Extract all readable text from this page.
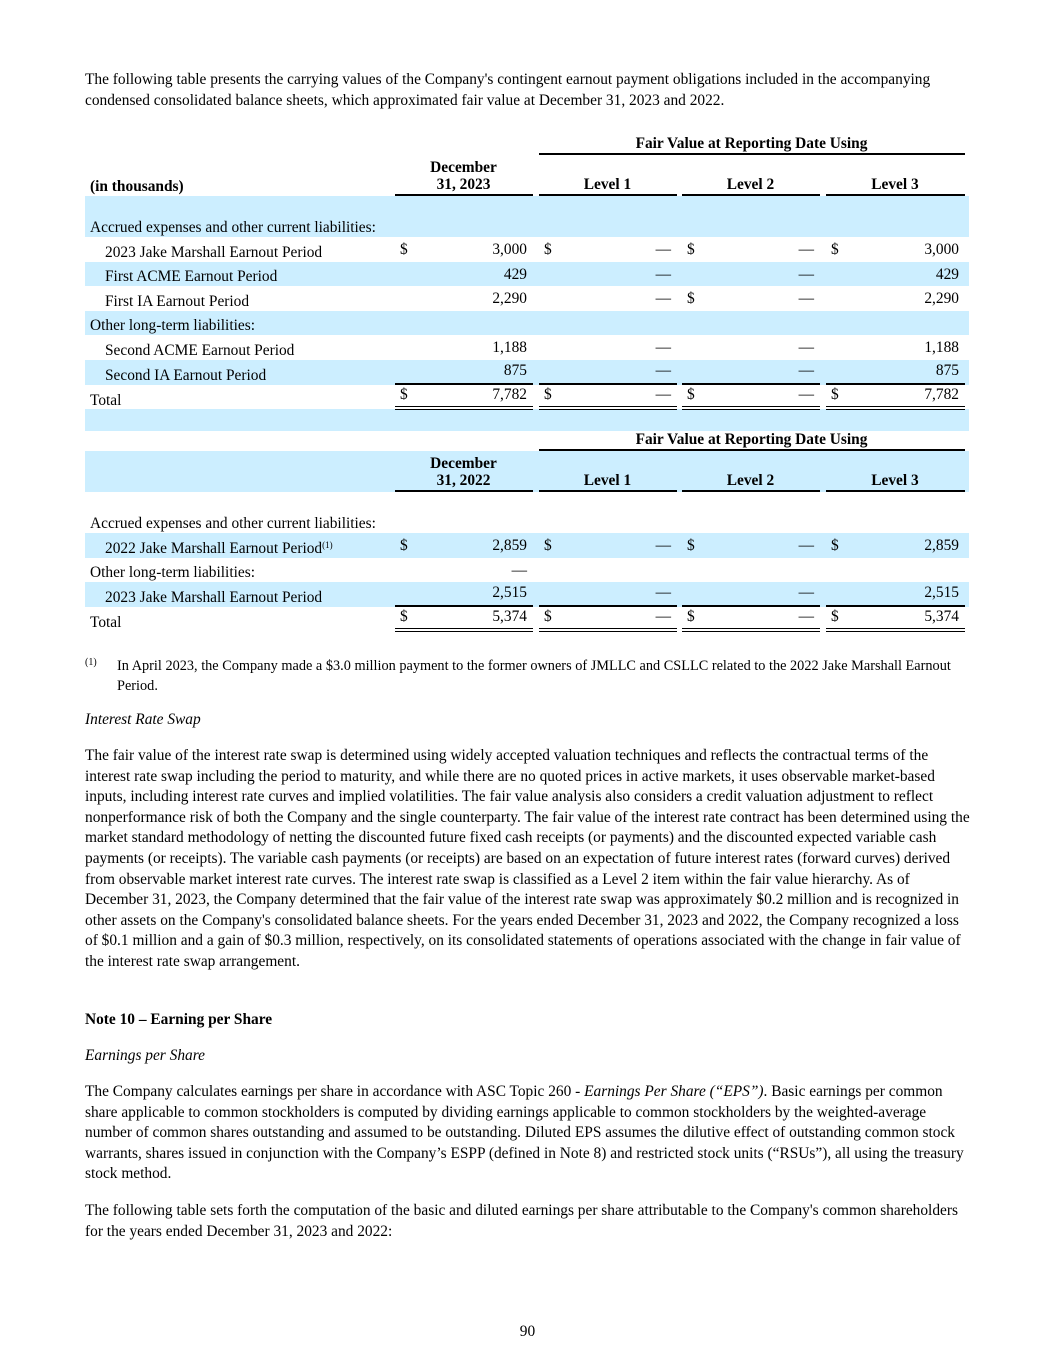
The following table presents the carrying values of the Company's contingent earnout payment obligations included in the accompanying condensed consolidated balance sheets, which approximated fair value at December 31, 2023 and 2022.
Fair Value at Reporting Date Using
(in thousands)
December 31, 2023	Level 1	Level 2	Level 3
Accrued expenses and other current liabilities:
2023 Jake Marshall Earnout Period	$	3,000 $	— $	— $	3,000
First ACME Earnout Period	429	—	—	429
First IA Earnout Period	2,290	— $	—	2,290
Other long-term liabilities:
Second ACME Earnout Period	1,188	—	—	1,188
Second IA Earnout Period	875	—	—	875
Total	$	7,782 $	— $	— $	7,782
Fair Value at Reporting Date Using
December 31, 2022	Level 1	Level 2	Level 3
Accrued expenses and other current liabilities:
2022 Jake Marshall Earnout Period$^{(1)}$	$	2,859 $	— $	— $	2,859
Other long-term liabilities:	—
2023 Jake Marshall Earnout Period	2,515	—	—	2,515
Total	$	5,374 $	— $	— $	5,374
(1)	In April 2023, the Company made a $3.0 million payment to the former owners of JMLLC and CSLLC related to the 2022 Jake Marshall Earnout Period.
Interest Rate Swap
The fair value of the interest rate swap is determined using widely accepted valuation techniques and reflects the contractual terms of the interest rate swap including the period to maturity, and while there are no quoted prices in active markets, it uses observable market-based inputs, including interest rate curves and implied volatilities. The fair value analysis also considers a credit valuation adjustment to reflect nonperformance risk of both the Company and the single counterparty. The fair value of the interest rate contract has been determined using the market standard methodology of netting the discounted future fixed cash receipts (or payments) and the discounted expected variable cash payments (or receipts). The variable cash payments (or receipts) are based on an expectation of future interest rates (forward curves) derived from observable market interest rate curves. The interest rate swap is classified as a Level 2 item within the fair value hierarchy. As of December 31, 2023, the Company determined that the fair value of the interest rate swap was approximately $0.2 million and is recognized in other assets on the Company's consolidated balance sheets. For the years ended December 31, 2023 and 2022, the Company recognized a loss of $0.1 million and a gain of $0.3 million, respectively, on its consolidated statements of operations associated with the change in fair value of the interest rate swap arrangement.
Note 10 – Earning per Share
Earnings per Share

The Company calculates earnings per share in accordance with ASC Topic 260 - Earnings Per Share (“EPS”). Basic earnings per common share applicable to common stockholders is computed by dividing earnings applicable to common stockholders by the weighted-average number of common shares outstanding and assumed to be outstanding. Diluted EPS assumes the dilutive effect of outstanding common stock warrants, shares issued in conjunction with the Company’s ESPP (defined in Note 8) and restricted stock units (“RSUs”), all using the treasury stock method.

The following table sets forth the computation of the basic and diluted earnings per share attributable to the Company's common shareholders for the years ended December 31, 2023 and 2022:
90
